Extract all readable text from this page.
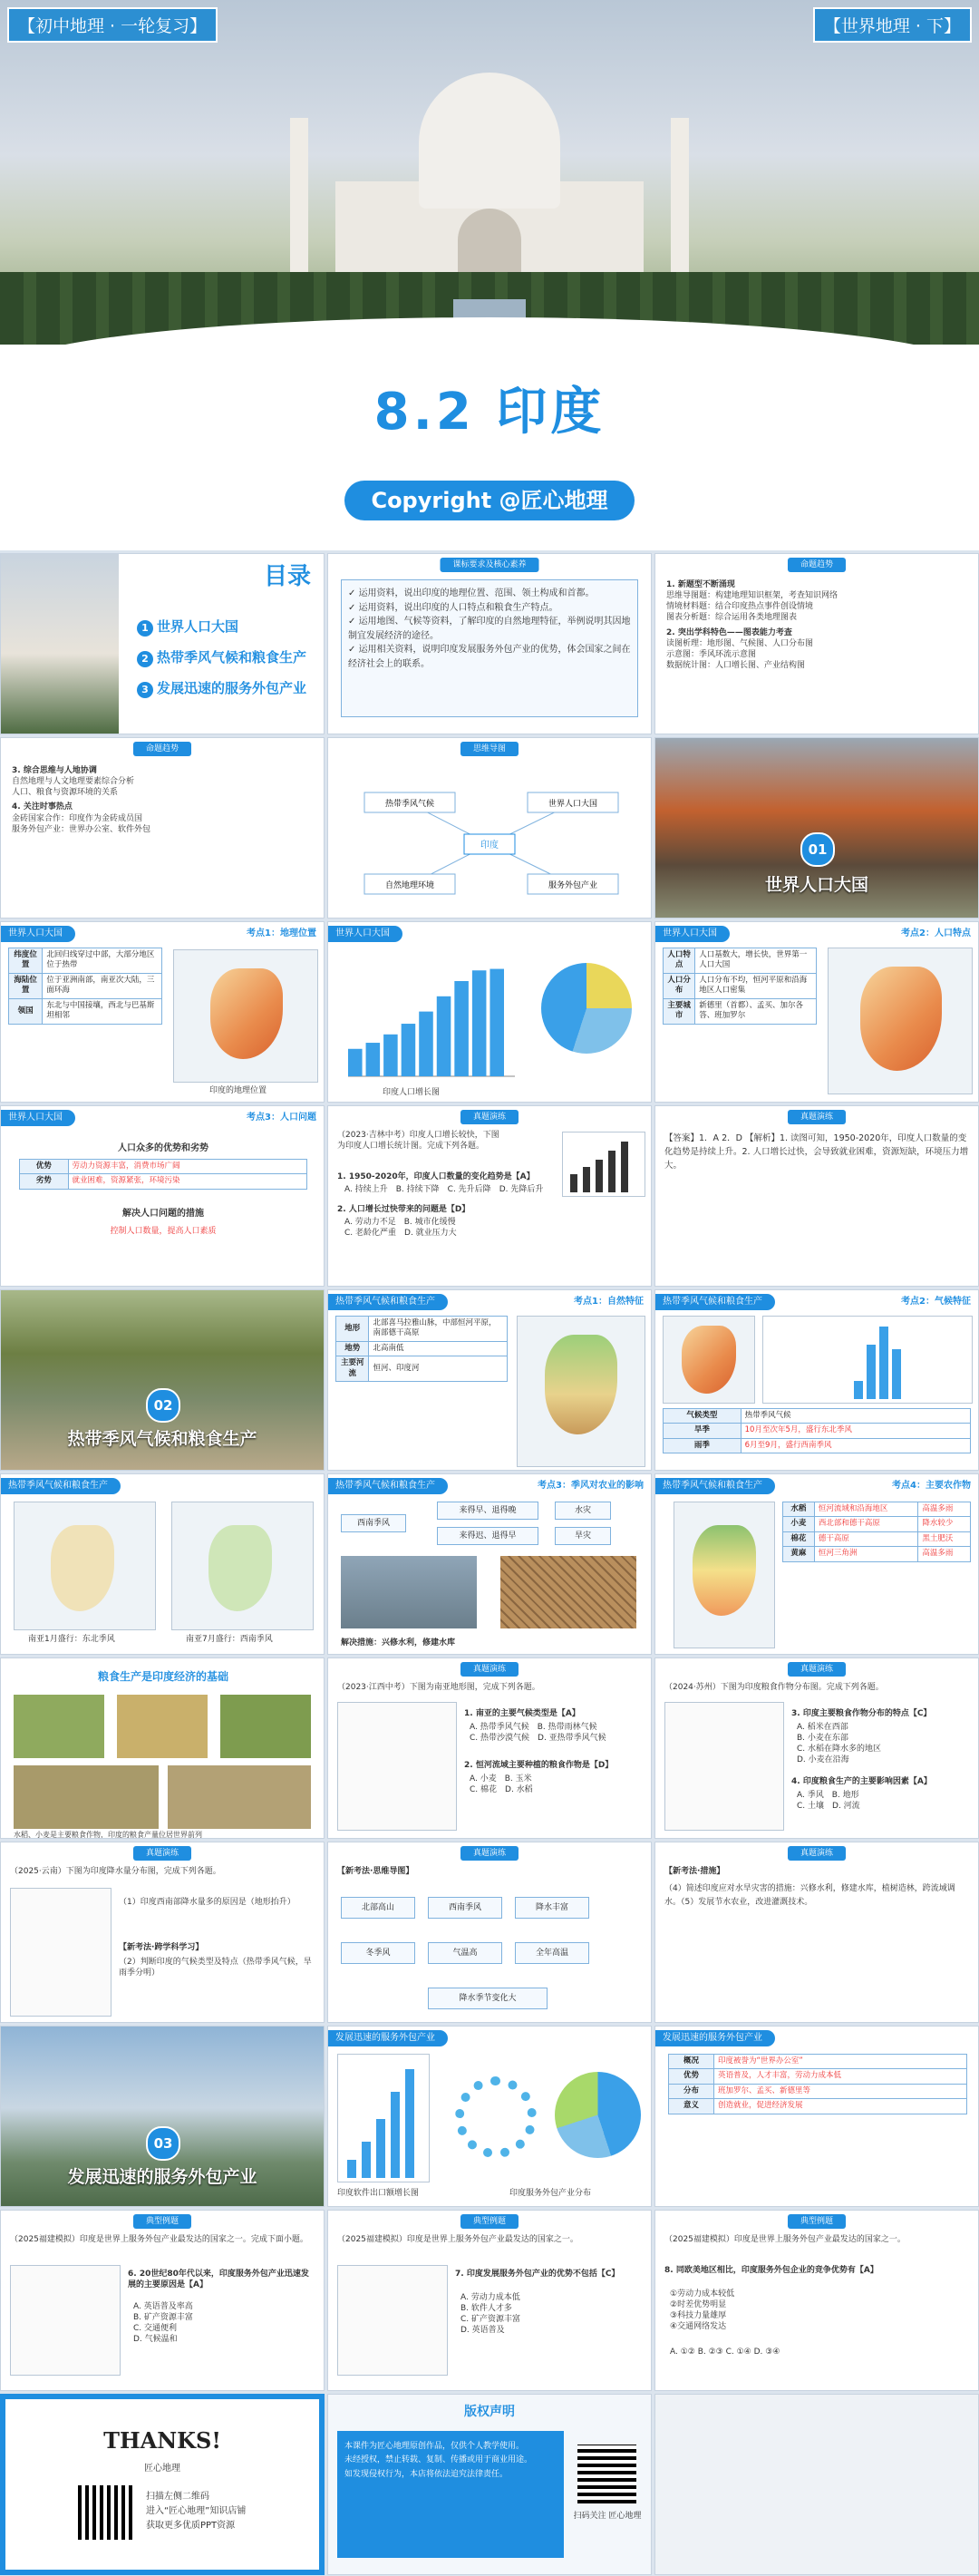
【初中地理 · 一轮复习】	【世界地理 · 下】
8.2 印度
Copyright @匠心地理
目录
1 世界人口大国
2 热带季风气候和粮食生产
3 发展迅速的服务外包产业
课标要求及核心素养
✓ 运用资料，说出印度的地理位置、范围、领土构成和首都。
✓ 运用资料，说出印度的人口特点和粮食生产特点。
✓ 运用地图、气候等资料，了解印度的自然地理特征，举例说明其因地制宜发展经济的途径。
✓ 运用相关资料，说明印度发展服务外包产业的优势，体会国家之间在经济社会上的联系。
命题趋势
1. 新题型不断涌现
思维导图题：构建地理知识框架，考查知识网络
情境材料题：结合印度热点事件创设情境
图表分析题：综合运用各类地理图表
2. 突出学科特色——图表能力考查
读图析理：地形图、气候图、人口分布图
示意图：季风环流示意图
数据统计图：人口增长图、产业结构图
命题趋势
3. 综合思维与人地协调
自然地理与人文地理要素综合分析
人口、粮食与资源环境的关系
4. 关注时事热点
金砖国家合作：印度作为金砖成员国
服务外包产业：世界办公室、软件外包
思维导图
印度
热带季风气候	世界人口大国
自然地理环境	服务外包产业
01
世界人口大国
世界人口大国	考点1：地理位置
纬度位置	北回归线穿过中部，大部分地区位于热带
海陆位置	位于亚洲南部，南亚次大陆，三面环海
领国	东北与中国接壤，西北与巴基斯坦相邻
印度的地理位置
世界人口大国
印度人口增长图
世界人口大国	考点2：人口特点
人口特点	人口基数大，增长快，世界第一人口大国
人口分布	人口分布不均，恒河平原和沿海地区人口密集
主要城市	新德里（首都）、孟买、加尔各答、班加罗尔
世界人口大国	考点3：人口问题
人口众多的优势和劣势
优势	劳动力资源丰富，消费市场广阔
劣势	就业困难，资源紧张，环境污染
解决人口问题的措施
控制人口数量，提高人口素质
真题演练
（2023·吉林中考）印度人口增长较快，下图为印度人口增长统计图。完成下列各题。
1. 1950-2020年，印度人口数量的变化趋势是【A】
A. 持续上升　 B. 持续下降　 C. 先升后降　 D. 先降后升
2. 人口增长过快带来的问题是【D】
A. 劳动力不足　 B. 城市化缓慢
C. 老龄化严重　 D. 就业压力大
真题演练
【答案】1．A 2．D 【解析】1. 读图可知，1950-2020年，印度人口数量的变化趋势是持续上升。2. 人口增长过快，会导致就业困难，资源短缺，环境压力增大。
02
热带季风气候和粮食生产
热带季风气候和粮食生产	考点1：自然特征
地形	北部喜马拉雅山脉，中部恒河平原，南部德干高原
地势	北高南低
主要河流	恒河、印度河
热带季风气候和粮食生产	考点2：气候特征
气候类型	热带季风气候
旱季	10月至次年5月，盛行东北季风
雨季	6月至9月，盛行西南季风
热带季风气候和粮食生产
南亚1月盛行：东北季风	南亚7月盛行：西南季风
热带季风气候和粮食生产	考点3：季风对农业的影响
西南季风
来得早、退得晚	水灾
来得迟、退得早	旱灾
解决措施：兴修水利，修建水库
热带季风气候和粮食生产	考点4：主要农作物
水稻	恒河流域和沿海地区	高温多雨
小麦	西北部和德干高原	降水较少
棉花	德干高原	黑土肥沃
黄麻	恒河三角洲	高温多雨
粮食生产是印度经济的基础
水稻、小麦是主要粮食作物，印度的粮食产量位居世界前列
真题演练
（2023·江西中考）下图为南亚地形图，完成下列各题。
1. 南亚的主要气候类型是【A】
A. 热带季风气候　 B. 热带雨林气候
C. 热带沙漠气候　 D. 亚热带季风气候
2. 恒河流域主要种植的粮食作物是【D】
A. 小麦　 B. 玉米
C. 棉花　 D. 水稻
真题演练
（2024·苏州）下图为印度粮食作物分布图。完成下列各题。
3. 印度主要粮食作物分布的特点【C】
A. 稻米在西部
B. 小麦在东部
C. 水稻在降水多的地区
D. 小麦在沿海
4. 印度粮食生产的主要影响因素【A】
A. 季风　 B. 地形
C. 土壤　 D. 河流
真题演练
（2025·云南）下图为印度降水量分布图，完成下列各题。
（1）印度西南部降水量多的原因是（地形抬升）
【新考法·跨学科学习】
（2）判断印度的气候类型及特点（热带季风气候，旱雨季分明）
真题演练
【新考法·思维导图】
北部高山	西南季风	降水丰富
冬季风	气温高	全年高温
降水季节变化大
真题演练
【新考法·措施】
（4）简述印度应对水旱灾害的措施：兴修水利，修建水库，植树造林，跨流域调水。（5）发展节水农业，改进灌溉技术。
03
发展迅速的服务外包产业
发展迅速的服务外包产业
印度软件出口额增长图	印度服务外包产业分布
发展迅速的服务外包产业
概况	印度被誉为“世界办公室”
优势	英语普及，人才丰富，劳动力成本低
分布	班加罗尔、孟买、新德里等
意义	创造就业，促进经济发展
典型例题
（2025福建模拟）印度是世界上服务外包产业最发达的国家之一。完成下面小题。
6. 20世纪80年代以来，印度服务外包产业迅速发展的主要原因是【A】
A. 英语普及率高
B. 矿产资源丰富
C. 交通便利
D. 气候温和
典型例题
（2025福建模拟）印度是世界上服务外包产业最发达的国家之一。
7. 印度发展服务外包产业的优势不包括【C】
A. 劳动力成本低
B. 软件人才多
C. 矿产资源丰富
D. 英语普及
典型例题
（2025福建模拟）印度是世界上服务外包产业最发达的国家之一。
8. 同欧美地区相比，印度服务外包企业的竞争优势有【A】
①劳动力成本较低
②时差优势明显
③科技力量雄厚
④交通网络发达
A. ①② B. ②③ C. ①④ D. ③④
THANKS!
匠心地理
扫描左侧二维码
进入“匠心地理”知识店铺
获取更多优质PPT资源
版权声明
本课件为匠心地理原创作品，仅供个人教学使用。
未经授权，禁止转载、复制、传播或用于商业用途。
如发现侵权行为，本店将依法追究法律责任。
扫码关注 匠心地理
